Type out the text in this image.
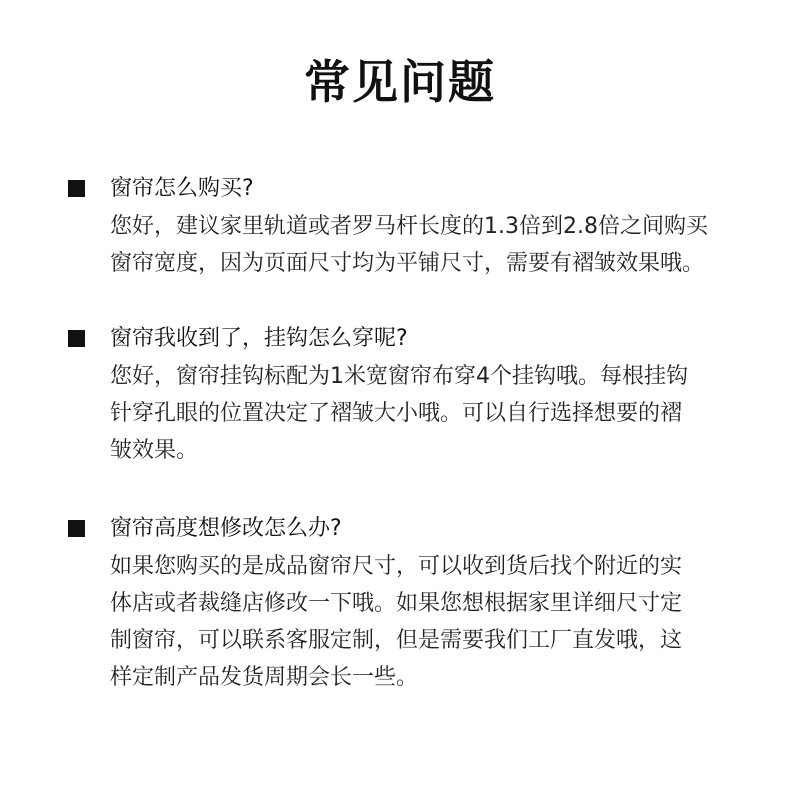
常见问题
窗帘怎么购买?
您好，建议家里轨道或者罗马杆长度的1.3倍到2.8倍之间购买
窗帘宽度，因为页面尺寸均为平铺尺寸，需要有褶皱效果哦。
窗帘我收到了，挂钩怎么穿呢?
您好，窗帘挂钩标配为1米宽窗帘布穿4个挂钩哦。每根挂钩
针穿孔眼的位置决定了褶皱大小哦。可以自行选择想要的褶
皱效果。
窗帘高度想修改怎么办?
如果您购买的是成品窗帘尺寸，可以收到货后找个附近的实
体店或者裁缝店修改一下哦。如果您想根据家里详细尺寸定
制窗帘，可以联系客服定制，但是需要我们工厂直发哦，这
样定制产品发货周期会长一些。
